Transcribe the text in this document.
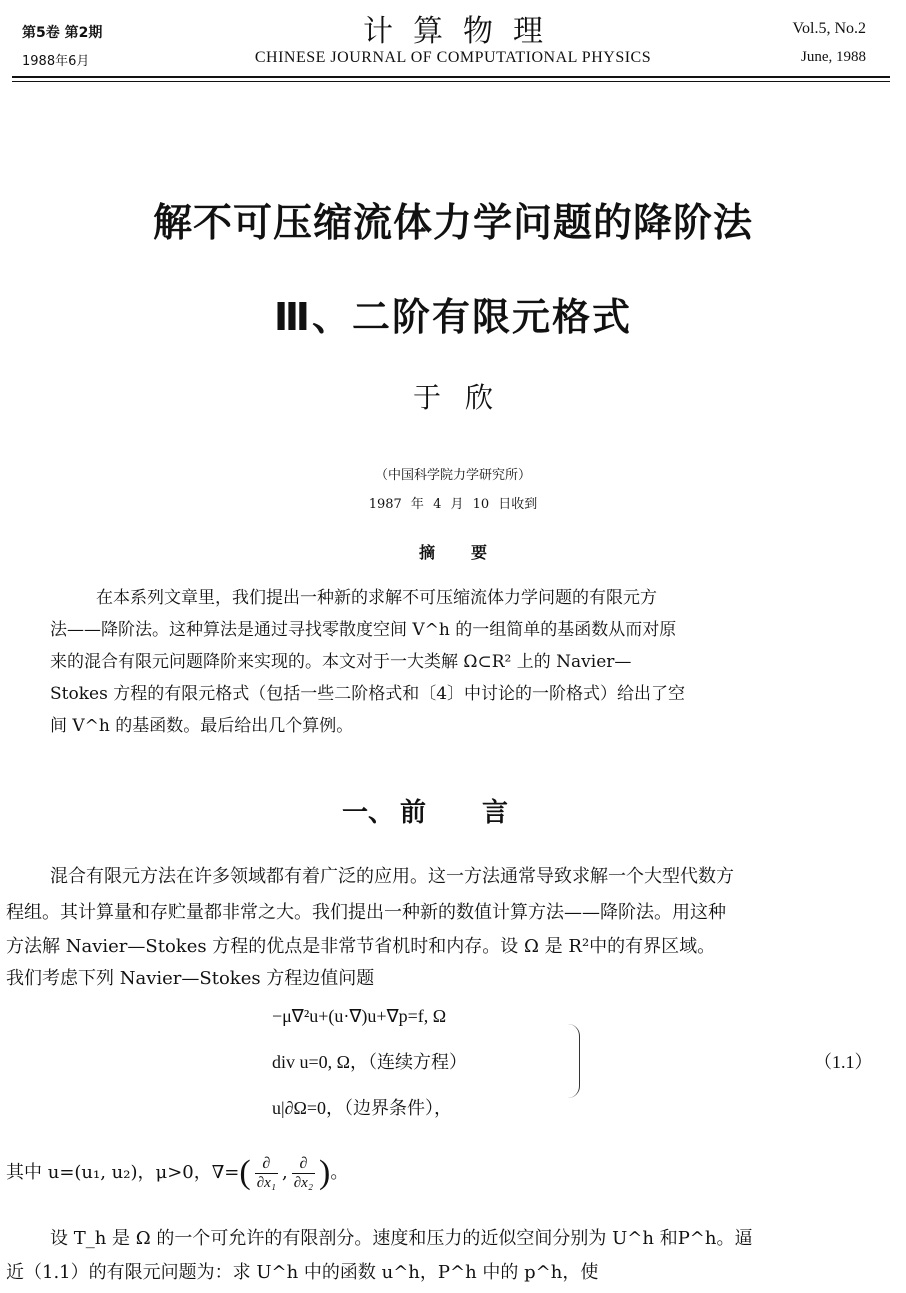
第5卷 第2期
1988年6月
计算物理
CHINESE JOURNAL OF COMPUTATIONAL PHYSICS
Vol.5, No.2
June, 1988
解不可压缩流体力学问题的降阶法
Ⅲ、二阶有限元格式
于欣
（中国科学院力学研究所）
1987 年 4 月 10 日收到
摘要
在本系列文章里，我们提出一种新的求解不可压缩流体力学问题的有限元方
法——降阶法。这种算法是通过寻找零散度空间 V^h 的一组简单的基函数从而对原
来的混合有限元问题降阶来实现的。本文对于一大类解 Ω⊂R² 上的 Navier—
Stokes 方程的有限元格式（包括一些二阶格式和〔4〕中讨论的一阶格式）给出了空
间 V^h 的基函数。最后给出几个算例。
一、 前言
混合有限元方法在许多领域都有着广泛的应用。这一方法通常导致求解一个大型代数方
程组。其计算量和存贮量都非常之大。我们提出一种新的数值计算方法——降阶法。用这种
方法解 Navier—Stokes 方程的优点是非常节省机时和内存。设 Ω 是 R²中的有界区域。
我们考虑下列 Navier—Stokes 方程边值问题
−μ∇²u+(u·∇)u+∇p=f, Ω
div u=0, Ω，（连续方程）
u|∂Ω=0，（边界条件），
（1.1）
其中 u=(u₁, u₂)，μ>0，∇=( $\frac{\partial}{\text{∂x₁}}$ , $\frac{\partial}{\text{∂x₂}}$ )。
设 T_h 是 Ω 的一个可允许的有限剖分。速度和压力的近似空间分别为 U^h 和P^h。逼
近（1.1）的有限元问题为：求 U^h 中的函数 u^h，P^h 中的 p^h，使
